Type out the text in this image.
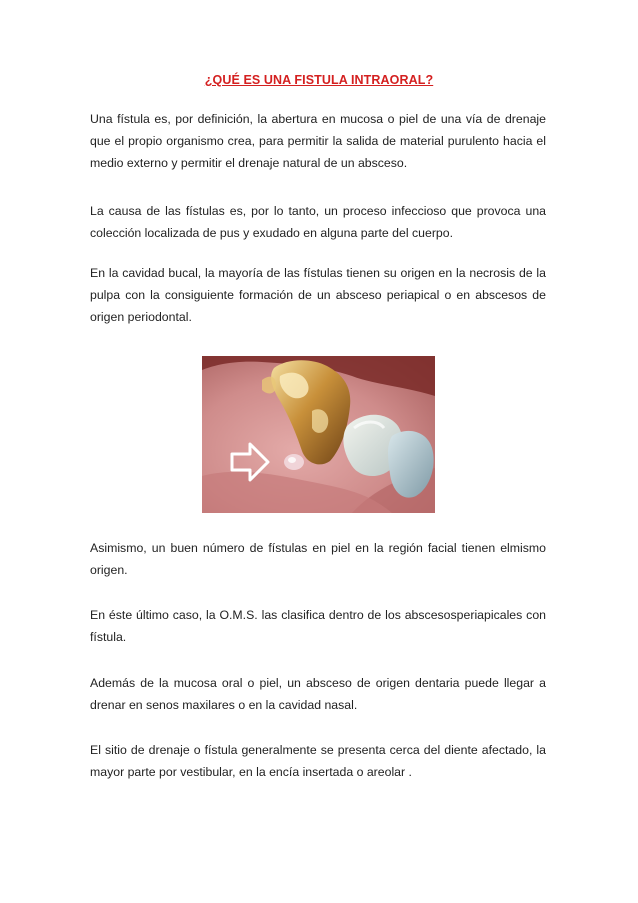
¿QUÉ ES UNA FISTULA INTRAORAL?

Una fístula es, por definición, la abertura en mucosa o piel de una vía de drenaje que el propio organismo crea, para permitir la salida de material purulento hacia el medio externo y permitir el drenaje natural de un absceso.

La causa de las fístulas es, por lo tanto, un proceso infeccioso que provoca una colección localizada de pus y exudado en alguna parte del cuerpo.

En la cavidad bucal, la mayoría de las fístulas tienen su origen en la necrosis de la pulpa con la consiguiente formación de un absceso periapical o en abscesos de origen periodontal.

Asimismo, un buen número de fístulas en piel en la región facial tienen elmismo origen.

En éste último caso, la O.M.S. las clasifica dentro de los abscesosperiapicales con fístula.

Además de la mucosa oral o piel, un absceso de origen dentaria puede llegar a drenar en senos maxilares o en la cavidad nasal.

El sitio de drenaje o fístula generalmente se presenta cerca del diente afectado, la mayor parte por vestibular, en la encía insertada o areolar .
